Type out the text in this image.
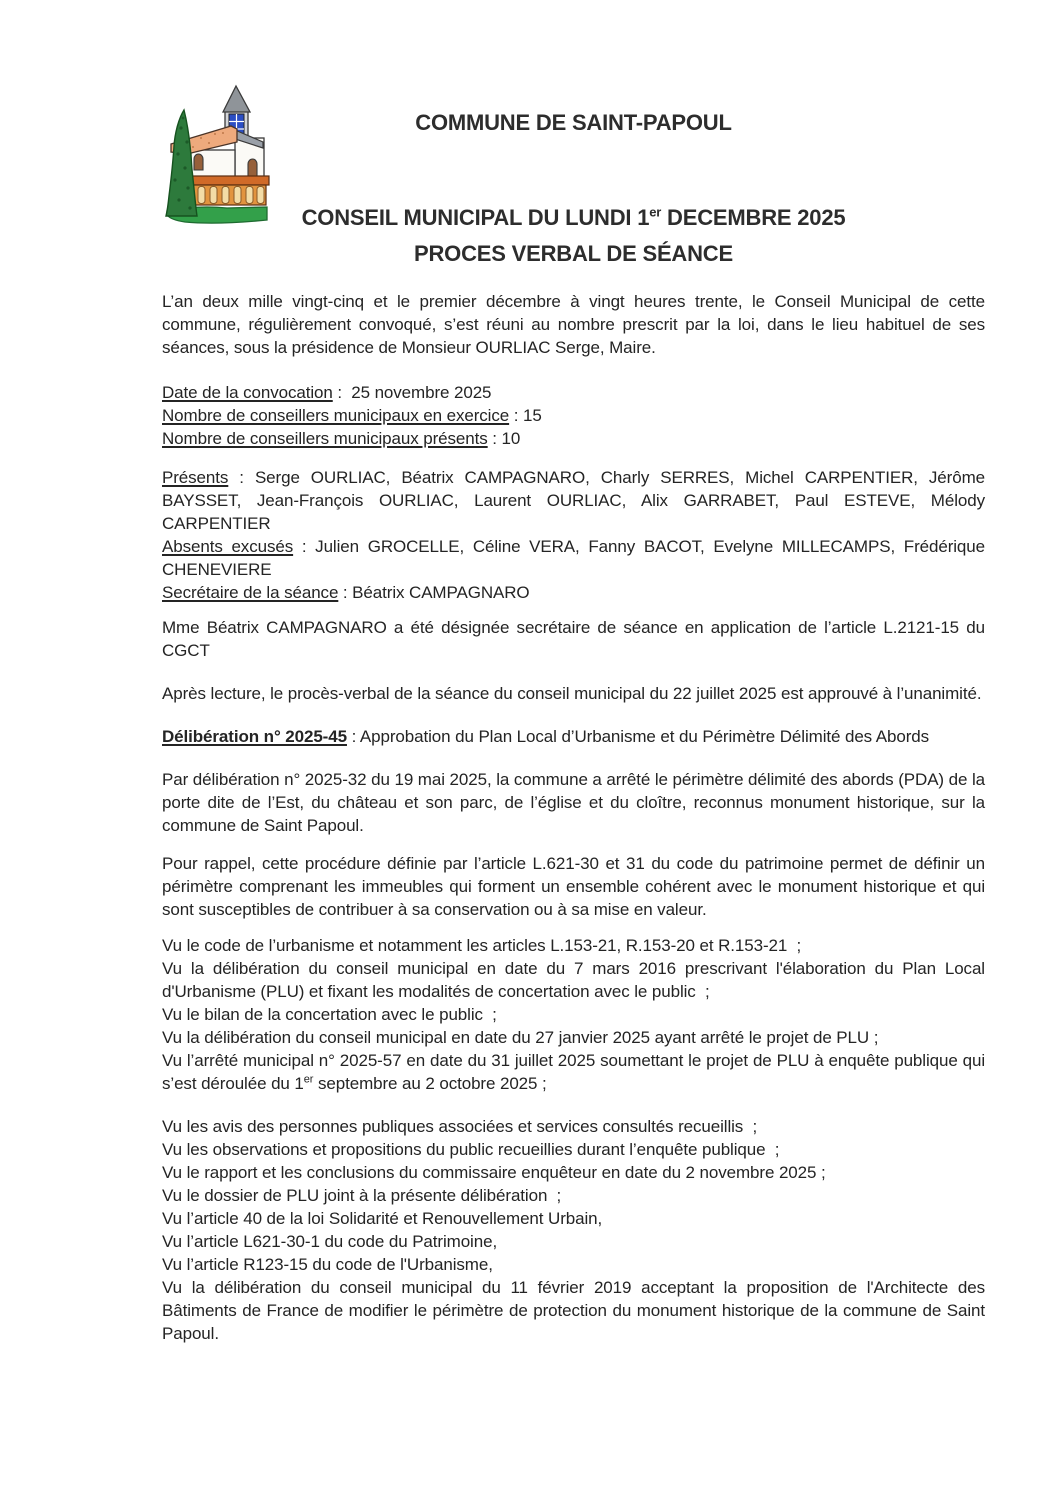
COMMUNE DE SAINT-PAPOUL
CONSEIL MUNICIPAL DU LUNDI 1er DECEMBRE 2025
PROCES VERBAL DE SÉANCE

L’an deux mille vingt-cinq et le premier décembre à vingt heures trente, le Conseil Municipal de cette commune, régulièrement convoqué, s’est réuni au nombre prescrit par la loi, dans le lieu habituel de ses séances, sous la présidence de Monsieur OURLIAC Serge, Maire.

Date de la convocation :  25 novembre 2025
Nombre de conseillers municipaux en exercice : 15
Nombre de conseillers municipaux présents : 10
Présents : Serge OURLIAC, Béatrix CAMPAGNARO, Charly SERRES, Michel CARPENTIER, Jérôme BAYSSET, Jean-François OURLIAC, Laurent OURLIAC, Alix GARRABET, Paul ESTEVE, Mélody CARPENTIER
Absents excusés : Julien GROCELLE, Céline VERA, Fanny BACOT, Evelyne MILLECAMPS, Frédérique CHENEVIERE
Secrétaire de la séance : Béatrix CAMPAGNARO

Mme Béatrix CAMPAGNARO a été désignée secrétaire de séance en application de l’article L.2121-15 du CGCT

Après lecture, le procès-verbal de la séance du conseil municipal du 22 juillet 2025 est approuvé à l’unanimité.

Délibération n° 2025-45 : Approbation du Plan Local d’Urbanisme et du Périmètre Délimité des Abords

Par délibération n° 2025-32 du 19 mai 2025, la commune a arrêté le périmètre délimité des abords (PDA) de la porte dite de l’Est, du château et son parc, de l’église et du cloître, reconnus monument historique, sur la commune de Saint Papoul.

Pour rappel, cette procédure définie par l’article L.621-30 et 31 du code du patrimoine permet de définir un périmètre comprenant les immeubles qui forment un ensemble cohérent avec le monument historique et qui sont susceptibles de contribuer à sa conservation ou à sa mise en valeur.

Vu le code de l’urbanisme et notamment les articles L.153-21, R.153-20 et R.153-21  ;
Vu la délibération du conseil municipal en date du 7 mars 2016 prescrivant l'élaboration du Plan Local d'Urbanisme (PLU) et fixant les modalités de concertation avec le public  ;
Vu le bilan de la concertation avec le public  ;
Vu la délibération du conseil municipal en date du 27 janvier 2025 ayant arrêté le projet de PLU ;
Vu l’arrêté municipal n° 2025-57 en date du 31 juillet 2025 soumettant le projet de PLU à enquête publique qui s’est déroulée du 1er septembre au 2 octobre 2025 ;
Vu les avis des personnes publiques associées et services consultés recueillis  ;
Vu les observations et propositions du public recueillies durant l’enquête publique  ;
Vu le rapport et les conclusions du commissaire enquêteur en date du 2 novembre 2025 ;
Vu le dossier de PLU joint à la présente délibération  ;
Vu l’article 40 de la loi Solidarité et Renouvellement Urbain,
Vu l’article L621-30-1 du code du Patrimoine,
Vu l’article R123-15 du code de l'Urbanisme,
Vu la délibération du conseil municipal du 11 février 2019 acceptant la proposition de l'Architecte des Bâtiments de France de modifier le périmètre de protection du monument historique de la commune de Saint Papoul.
